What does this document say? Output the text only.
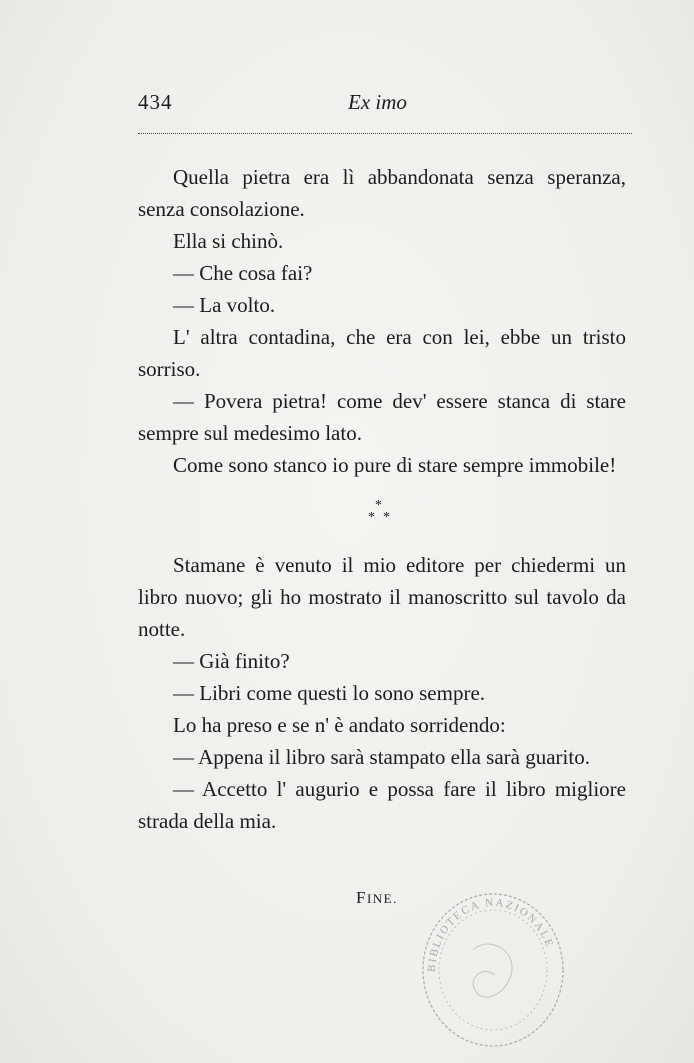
434	Ex imo

Quella pietra era lì abbandonata senza speranza, senza consolazione.

Ella si chinò.

— Che cosa fai?

— La volto.

L' altra contadina, che era con lei, ebbe un tristo sorriso.

— Povera pietra! come dev' essere stanca di stare sempre sul medesimo lato.

Come sono stanco io pure di stare sempre immobile!

*
* *

Stamane è venuto il mio editore per chiedermi un libro nuovo; gli ho mostrato il manoscritto sul tavolo da notte.

— Già finito?

— Libri come questi lo sono sempre.

Lo ha preso e se n' è andato sorridendo:

— Appena il libro sarà stampato ella sarà guarito.

— Accetto l' augurio e possa fare il libro migliore strada della mia.

FINE.
BIBLIOTECA NAZIONALE
